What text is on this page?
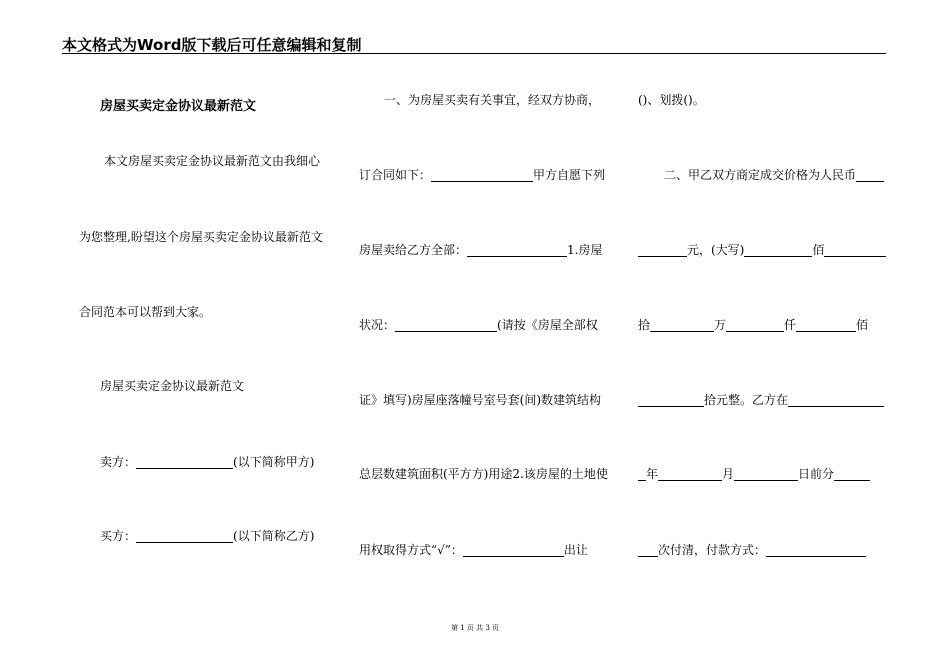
本文格式为Word版下载后可任意编辑和复制
房屋买卖定金协议最新范文
本文房屋买卖定金协议最新范文由我细心
为您整理,盼望这个房屋买卖定金协议最新范文
合同范本可以帮到大家。
房屋买卖定金协议最新范文
卖方：	(以下简称甲方)
买方：	(以下简称乙方)
一、为房屋买卖有关事宜，经双方协商，
订合同如下：	甲方自愿下列
房屋卖给乙方全部：	1.房屋
状况：	(请按《房屋全部权
证》填写)房屋座落幢号室号套(间)数建筑结构
总层数建筑面积(平方方)用途2.该房屋的土地使
用权取得方式“√”：	出让
()、划拨()。
二、甲乙双方商定成交价格为人民币
元，(大写)	佰
拾	万	仟	佰
拾元整。乙方在
年	月	日前分
次付清，付款方式：
第 1 页 共 3 页
